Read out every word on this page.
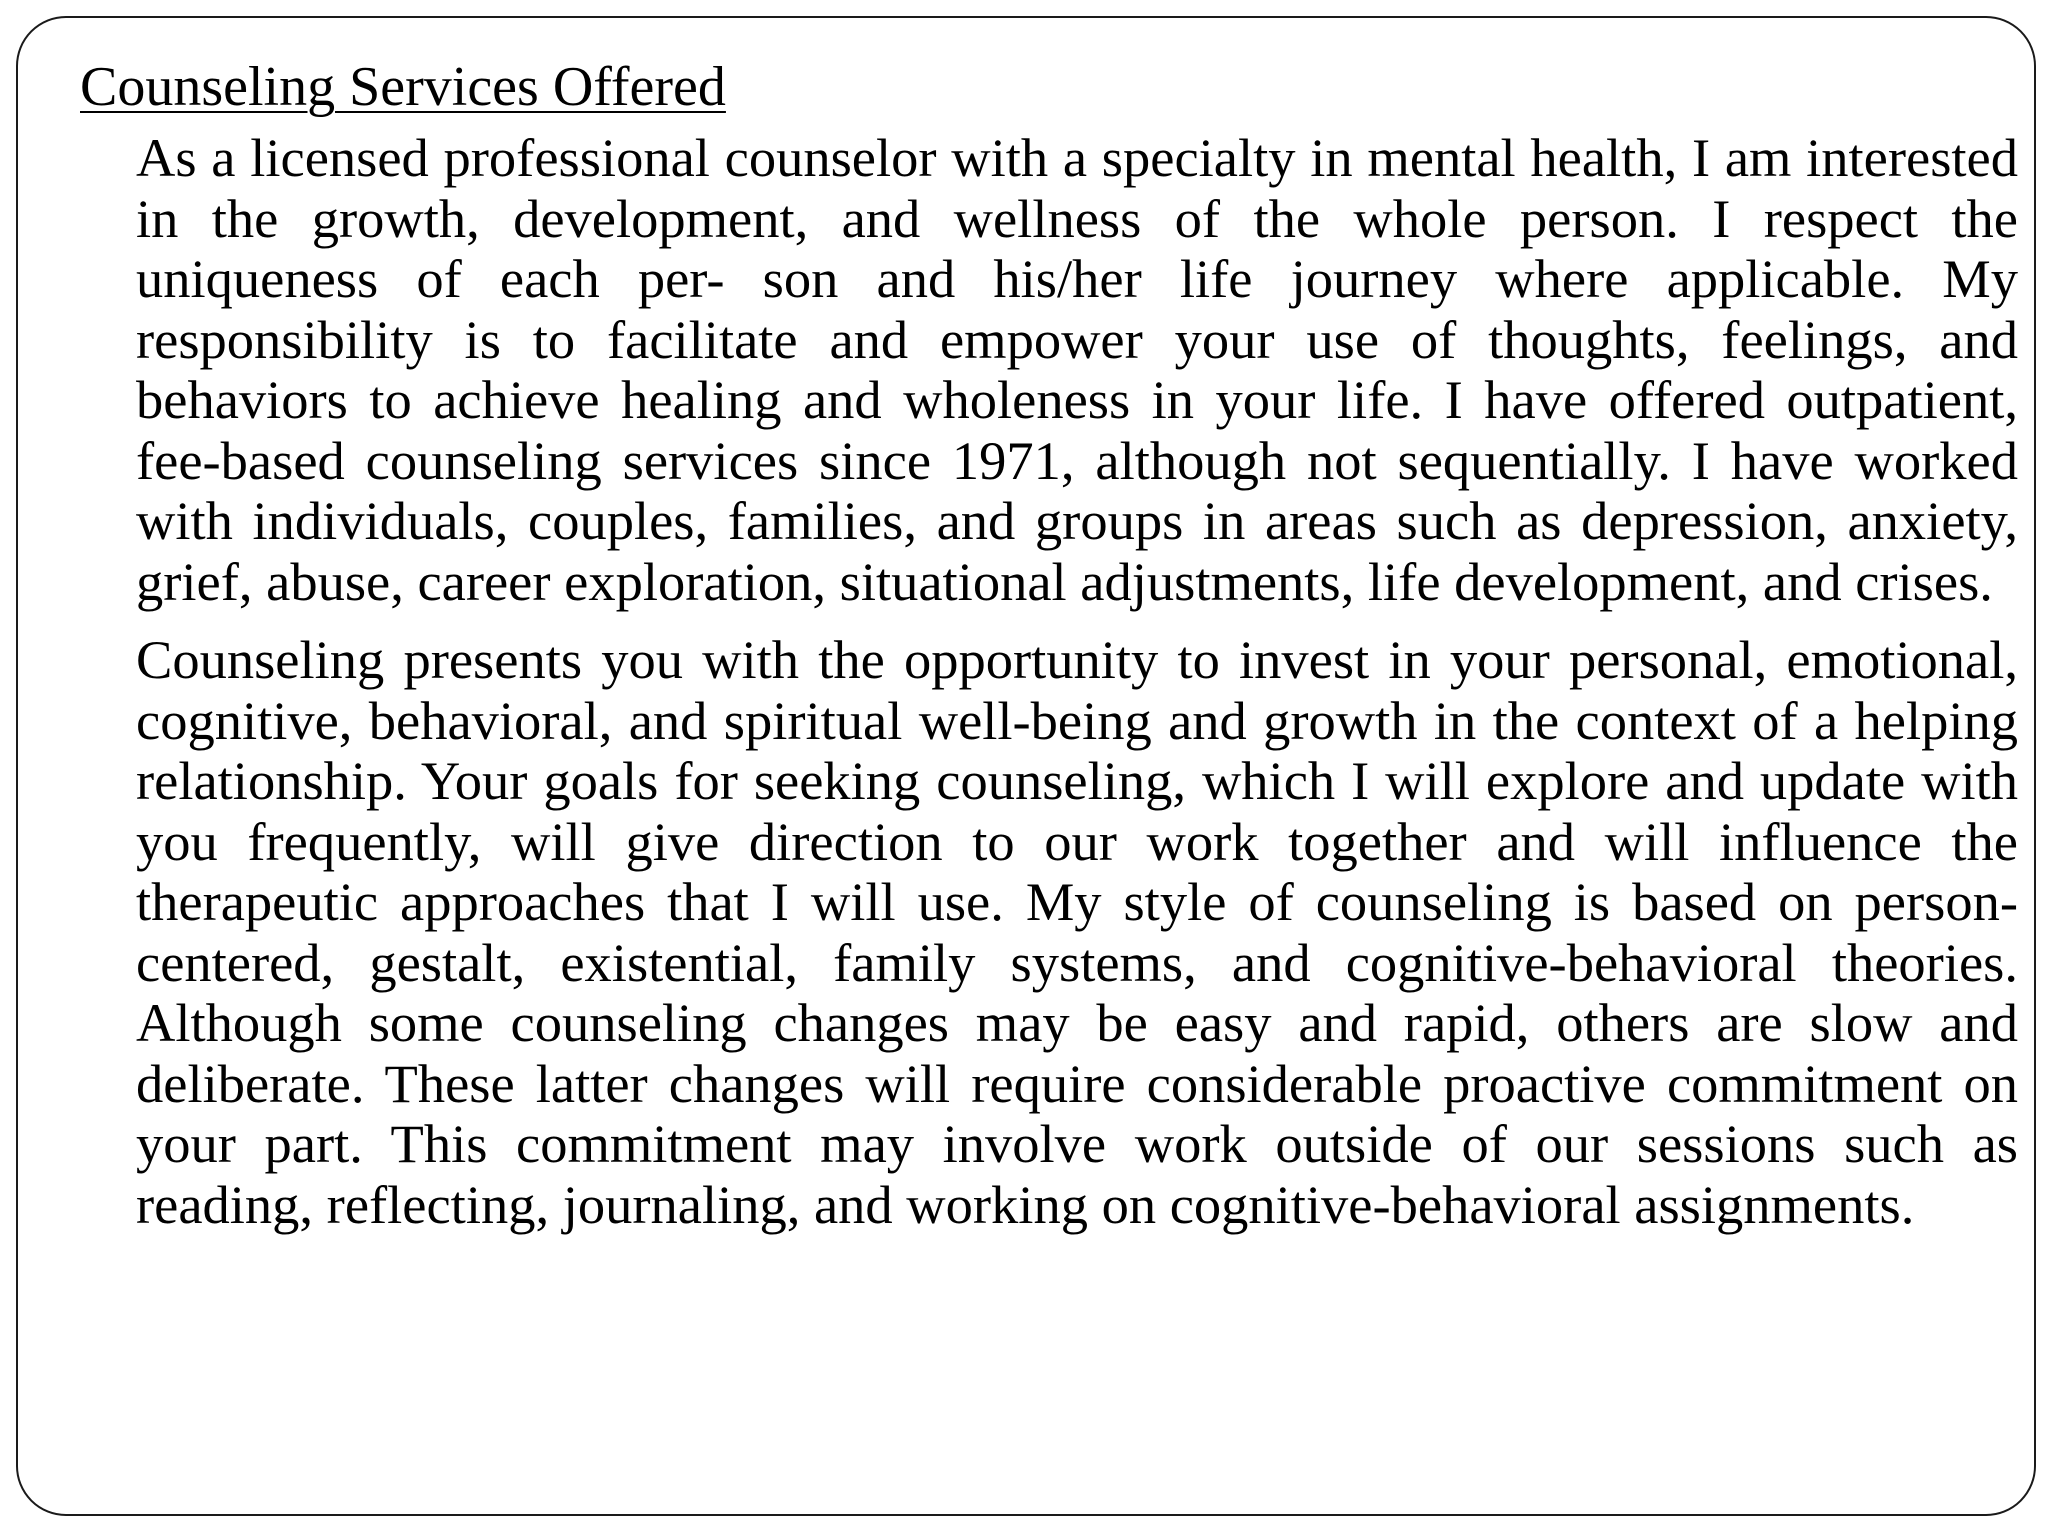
Counseling Services Offered

As a licensed professional counselor with a specialty in mental health, I am interested in the growth, development, and wellness of the whole person. I respect the uniqueness of each per- son and his/her life journey where applicable. My responsibility is to facilitate and empower your use of thoughts, feelings, and behaviors to achieve healing and wholeness in your life. I have offered outpatient, fee-based counseling services since 1971, although not sequentially. I have worked with individuals, couples, families, and groups in areas such as depression, anxiety, grief, abuse, career exploration, situational adjustments, life development, and crises.

Counseling presents you with the opportunity to invest in your personal, emotional, cognitive, behavioral, and spiritual well-being and growth in the context of a helping relationship. Your goals for seeking counseling, which I will explore and update with you frequently, will give direction to our work together and will influence the therapeutic approaches that I will use. My style of counseling is based on person-centered, gestalt, existential, family systems, and cognitive-behavioral theories. Although some counseling changes may be easy and rapid, others are slow and deliberate. These latter changes will require considerable proactive commitment on your part. This commitment may involve work outside of our sessions such as reading, reflecting, journaling, and working on cognitive-behavioral assignments.
